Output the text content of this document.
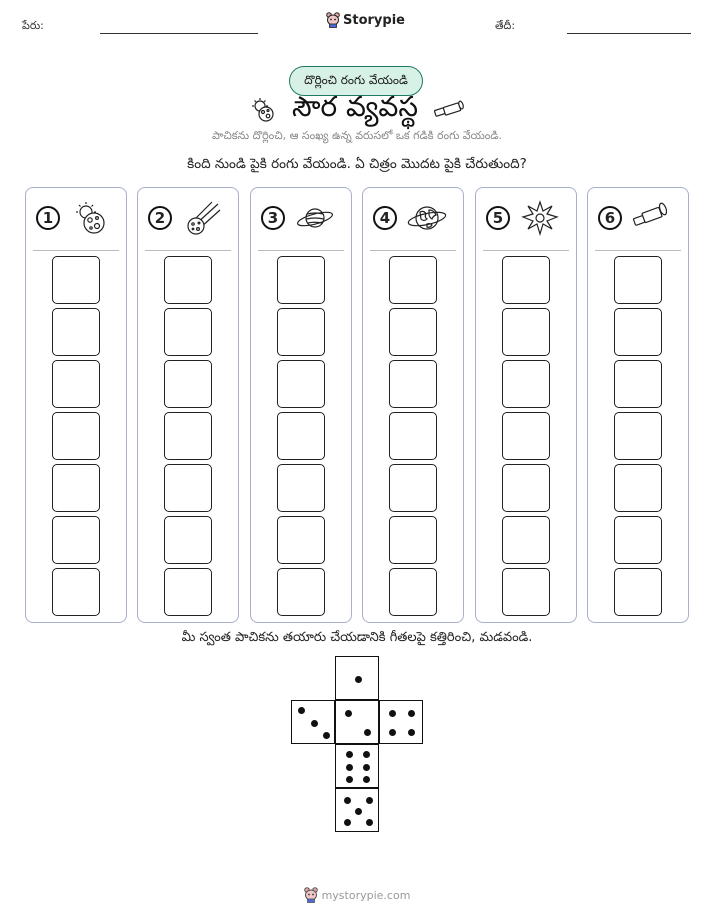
పేరు:	Storypie	తేదీ:
దొర్లించి రంగు వేయండి
సౌర వ్యవస్థ
పాచికను దొర్లించి, ఆ సంఖ్య ఉన్న వరుసలో ఒక గడికి రంగు వేయండి.
కింది నుండి పైకి రంగు వేయండి. ఏ చిత్రం మొదట పైకి చేరుతుంది?
1	2	3	4	5	6
మీ స్వంత పాచికను తయారు చేయడానికి గీతలపై కత్తిరించి, మడవండి.
mystorypie.com
